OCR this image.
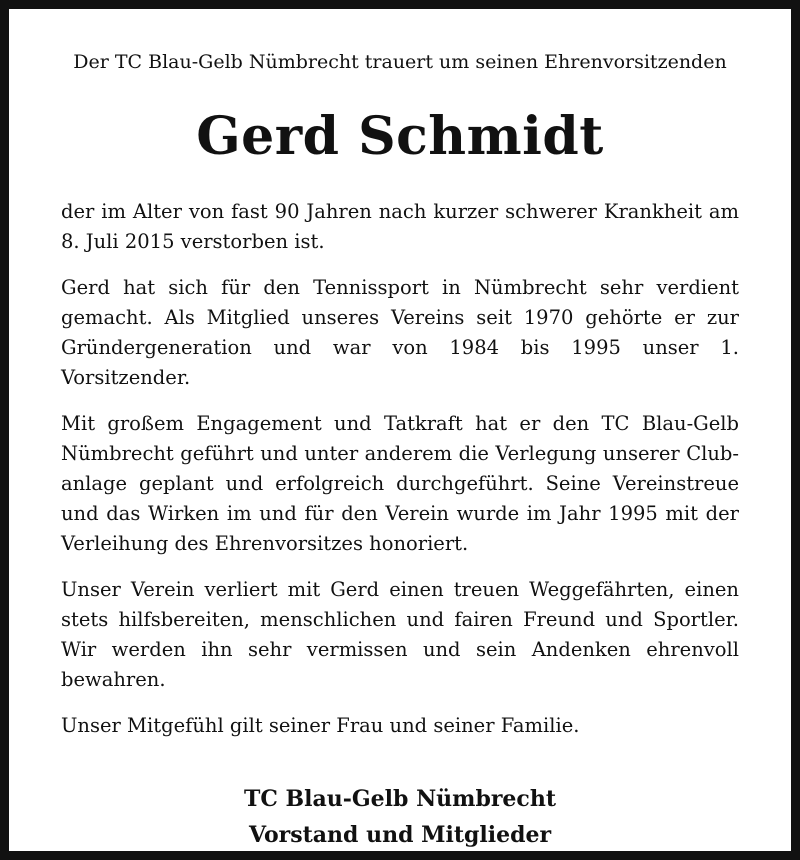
Der TC Blau-Gelb Nümbrecht trauert um seinen Ehrenvorsitzenden

Gerd Schmidt

der im Alter von fast 90 Jahren nach kurzer schwerer Krankheit am 8. Juli 2015 verstorben ist.

Gerd hat sich für den Tennissport in Nümbrecht sehr verdient gemacht. Als Mitglied unseres Vereins seit 1970 gehörte er zur Gründergeneration und war von 1984 bis 1995 unser 1. Vorsitzender.

Mit großem Engagement und Tatkraft hat er den TC Blau-Gelb Nümbrecht geführt und unter anderem die Verlegung unserer Clubanlage geplant und erfolgreich durchgeführt. Seine Vereinstreue und das Wirken im und für den Verein wurde im Jahr 1995 mit der Verleihung des Ehrenvorsitzes honoriert.

Unser Verein verliert mit Gerd einen treuen Weggefährten, einen stets hilfsbereiten, menschlichen und fairen Freund und Sportler. Wir werden ihn sehr vermissen und sein Andenken ehrenvoll bewahren.

Unser Mitgefühl gilt seiner Frau und seiner Familie.

TC Blau-Gelb Nümbrecht

Vorstand und Mitglieder
